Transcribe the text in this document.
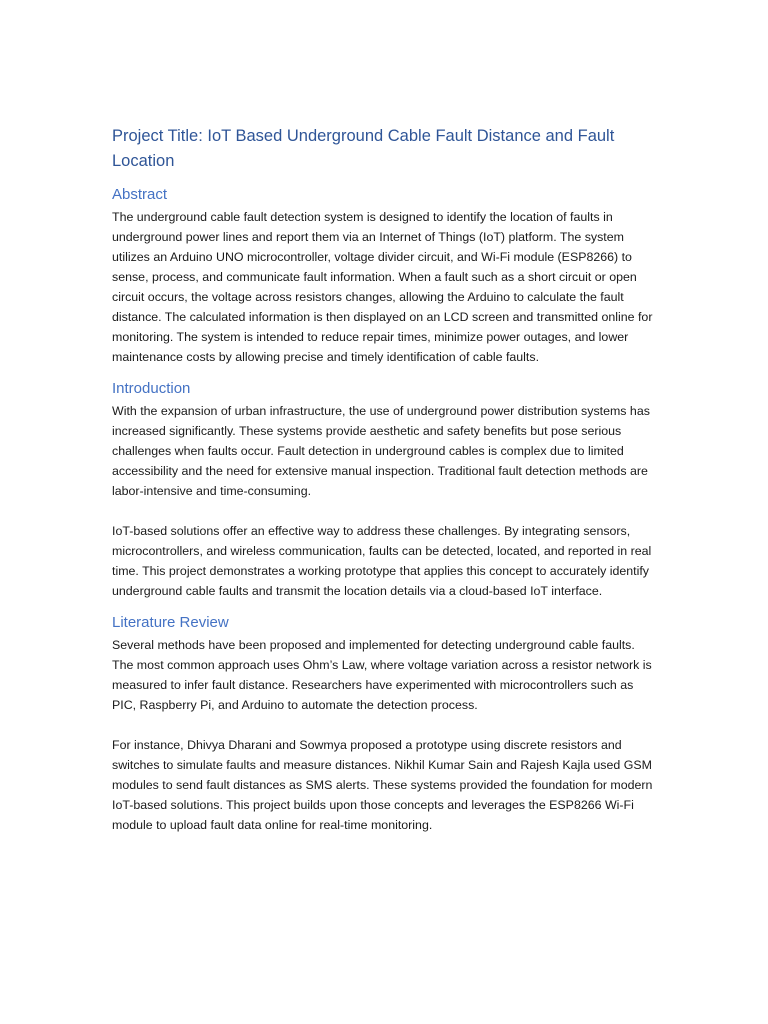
Project Title: IoT Based Underground Cable Fault Distance and Fault Location
Abstract

The underground cable fault detection system is designed to identify the location of faults in underground power lines and report them via an Internet of Things (IoT) platform. The system utilizes an Arduino UNO microcontroller, voltage divider circuit, and Wi-Fi module (ESP8266) to sense, process, and communicate fault information. When a fault such as a short circuit or open circuit occurs, the voltage across resistors changes, allowing the Arduino to calculate the fault distance. The calculated information is then displayed on an LCD screen and transmitted online for monitoring. The system is intended to reduce repair times, minimize power outages, and lower maintenance costs by allowing precise and timely identification of cable faults.

Introduction

With the expansion of urban infrastructure, the use of underground power distribution systems has increased significantly. These systems provide aesthetic and safety benefits but pose serious challenges when faults occur. Fault detection in underground cables is complex due to limited accessibility and the need for extensive manual inspection. Traditional fault detection methods are labor-intensive and time-consuming.

IoT-based solutions offer an effective way to address these challenges. By integrating sensors, microcontrollers, and wireless communication, faults can be detected, located, and reported in real time. This project demonstrates a working prototype that applies this concept to accurately identify underground cable faults and transmit the location details via a cloud-based IoT interface.

Literature Review

Several methods have been proposed and implemented for detecting underground cable faults. The most common approach uses Ohm’s Law, where voltage variation across a resistor network is measured to infer fault distance. Researchers have experimented with microcontrollers such as PIC, Raspberry Pi, and Arduino to automate the detection process.

For instance, Dhivya Dharani and Sowmya proposed a prototype using discrete resistors and switches to simulate faults and measure distances. Nikhil Kumar Sain and Rajesh Kajla used GSM modules to send fault distances as SMS alerts. These systems provided the foundation for modern IoT-based solutions. This project builds upon those concepts and leverages the ESP8266 Wi-Fi module to upload fault data online for real-time monitoring.
